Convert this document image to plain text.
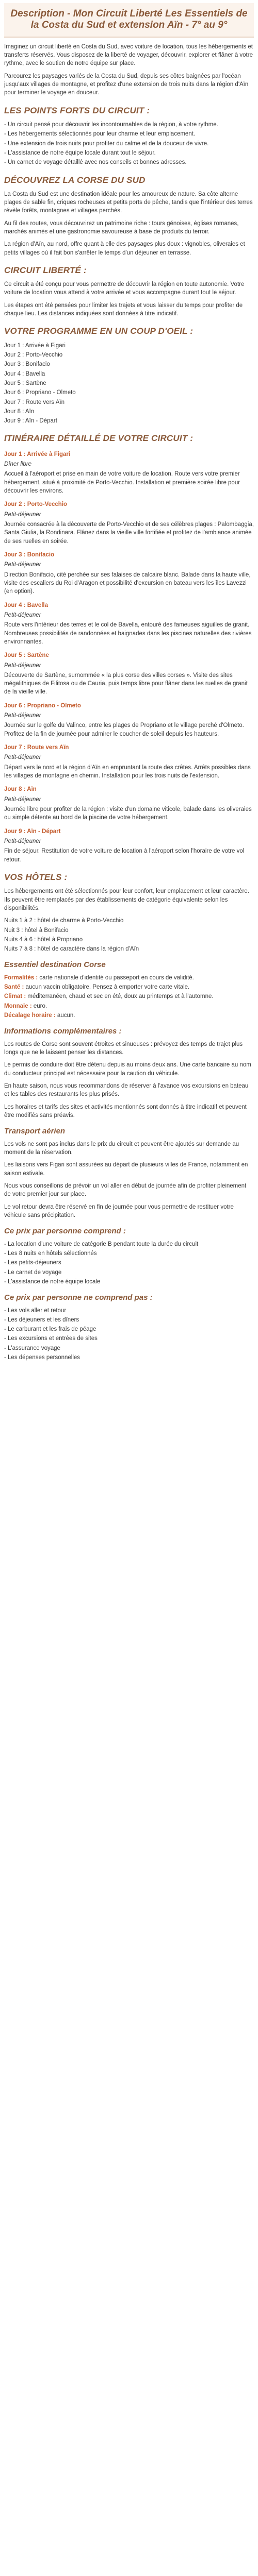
Description - Mon Circuit Liberté Les Essentiels de la Costa du Sud et extension Aïn - 7° au 9°

Imaginez un circuit liberté en Costa du Sud, avec voiture de location, tous les hébergements et transferts réservés. Vous disposez de la liberté de voyager, découvrir, explorer et flâner à votre rythme, avec le soutien de notre équipe sur place.

Parcourez les paysages variés de la Costa du Sud, depuis ses côtes baignées par l'océan jusqu'aux villages de montagne, et profitez d'une extension de trois nuits dans la région d'Aïn pour terminer le voyage en douceur.

LES POINTS FORTS DU CIRCUIT :

- Un circuit pensé pour découvrir les incontournables de la région, à votre rythme.

- Les hébergements sélectionnés pour leur charme et leur emplacement.

- Une extension de trois nuits pour profiter du calme et de la douceur de vivre.

- L'assistance de notre équipe locale durant tout le séjour.

- Un carnet de voyage détaillé avec nos conseils et bonnes adresses.

DÉCOUVREZ LA CORSE DU SUD

La Costa du Sud est une destination idéale pour les amoureux de nature. Sa côte alterne plages de sable fin, criques rocheuses et petits ports de pêche, tandis que l'intérieur des terres révèle forêts, montagnes et villages perchés.

Au fil des routes, vous découvrirez un patrimoine riche : tours génoises, églises romanes, marchés animés et une gastronomie savoureuse à base de produits du terroir.

La région d'Aïn, au nord, offre quant à elle des paysages plus doux : vignobles, oliveraies et petits villages où il fait bon s'arrêter le temps d'un déjeuner en terrasse.

CIRCUIT LIBERTÉ :

Ce circuit a été conçu pour vous permettre de découvrir la région en toute autonomie. Votre voiture de location vous attend à votre arrivée et vous accompagne durant tout le séjour.

Les étapes ont été pensées pour limiter les trajets et vous laisser du temps pour profiter de chaque lieu. Les distances indiquées sont données à titre indicatif.

VOTRE PROGRAMME EN UN COUP D'OEIL :

Jour 1 : Arrivée à Figari

Jour 2 : Porto-Vecchio

Jour 3 : Bonifacio

Jour 4 : Bavella

Jour 5 : Sartène

Jour 6 : Propriano - Olmeto

Jour 7 : Route vers Aïn

Jour 8 : Aïn

Jour 9 : Aïn - Départ

ITINÉRAIRE DÉTAILLÉ DE VOTRE CIRCUIT :

Jour 1 : Arrivée à Figari

Dîner libre

Accueil à l'aéroport et prise en main de votre voiture de location. Route vers votre premier hébergement, situé à proximité de Porto-Vecchio. Installation et première soirée libre pour découvrir les environs.

Jour 2 : Porto-Vecchio

Petit-déjeuner

Journée consacrée à la découverte de Porto-Vecchio et de ses célèbres plages : Palombaggia, Santa Giulia, la Rondinara. Flânez dans la vieille ville fortifiée et profitez de l'ambiance animée de ses ruelles en soirée.

Jour 3 : Bonifacio

Petit-déjeuner

Direction Bonifacio, cité perchée sur ses falaises de calcaire blanc. Balade dans la haute ville, visite des escaliers du Roi d'Aragon et possibilité d'excursion en bateau vers les îles Lavezzi (en option).

Jour 4 : Bavella

Petit-déjeuner

Route vers l'intérieur des terres et le col de Bavella, entouré des fameuses aiguilles de granit. Nombreuses possibilités de randonnées et baignades dans les piscines naturelles des rivières environnantes.

Jour 5 : Sartène

Petit-déjeuner

Découverte de Sartène, surnommée « la plus corse des villes corses ». Visite des sites mégalithiques de Filitosa ou de Cauria, puis temps libre pour flâner dans les ruelles de granit de la vieille ville.

Jour 6 : Propriano - Olmeto

Petit-déjeuner

Journée sur le golfe du Valinco, entre les plages de Propriano et le village perché d'Olmeto. Profitez de la fin de journée pour admirer le coucher de soleil depuis les hauteurs.

Jour 7 : Route vers Aïn

Petit-déjeuner

Départ vers le nord et la région d'Aïn en empruntant la route des crêtes. Arrêts possibles dans les villages de montagne en chemin. Installation pour les trois nuits de l'extension.

Jour 8 : Aïn

Petit-déjeuner

Journée libre pour profiter de la région : visite d'un domaine viticole, balade dans les oliveraies ou simple détente au bord de la piscine de votre hébergement.

Jour 9 : Aïn - Départ

Petit-déjeuner

Fin de séjour. Restitution de votre voiture de location à l'aéroport selon l'horaire de votre vol retour.

VOS HÔTELS :

Les hébergements ont été sélectionnés pour leur confort, leur emplacement et leur caractère. Ils peuvent être remplacés par des établissements de catégorie équivalente selon les disponibilités.

Nuits 1 à 2 : hôtel de charme à Porto-Vecchio

Nuit 3 : hôtel à Bonifacio

Nuits 4 à 6 : hôtel à Propriano

Nuits 7 à 8 : hôtel de caractère dans la région d'Aïn

Essentiel destination Corse

Formalités : carte nationale d'identité ou passeport en cours de validité.

Santé : aucun vaccin obligatoire. Pensez à emporter votre carte vitale.

Climat : méditerranéen, chaud et sec en été, doux au printemps et à l'automne.

Monnaie : euro.

Décalage horaire : aucun.

Informations complémentaires :

Les routes de Corse sont souvent étroites et sinueuses : prévoyez des temps de trajet plus longs que ne le laissent penser les distances.

Le permis de conduire doit être détenu depuis au moins deux ans. Une carte bancaire au nom du conducteur principal est nécessaire pour la caution du véhicule.

En haute saison, nous vous recommandons de réserver à l'avance vos excursions en bateau et les tables des restaurants les plus prisés.

Les horaires et tarifs des sites et activités mentionnés sont donnés à titre indicatif et peuvent être modifiés sans préavis.

Transport aérien

Les vols ne sont pas inclus dans le prix du circuit et peuvent être ajoutés sur demande au moment de la réservation.

Les liaisons vers Figari sont assurées au départ de plusieurs villes de France, notamment en saison estivale.

Nous vous conseillons de prévoir un vol aller en début de journée afin de profiter pleinement de votre premier jour sur place.

Le vol retour devra être réservé en fin de journée pour vous permettre de restituer votre véhicule sans précipitation.

Ce prix par personne comprend :

- La location d'une voiture de catégorie B pendant toute la durée du circuit

- Les 8 nuits en hôtels sélectionnés

- Les petits-déjeuners

- Le carnet de voyage

- L'assistance de notre équipe locale

Ce prix par personne ne comprend pas :

- Les vols aller et retour

- Les déjeuners et les dîners

- Le carburant et les frais de péage

- Les excursions et entrées de sites

- L'assurance voyage

- Les dépenses personnelles
